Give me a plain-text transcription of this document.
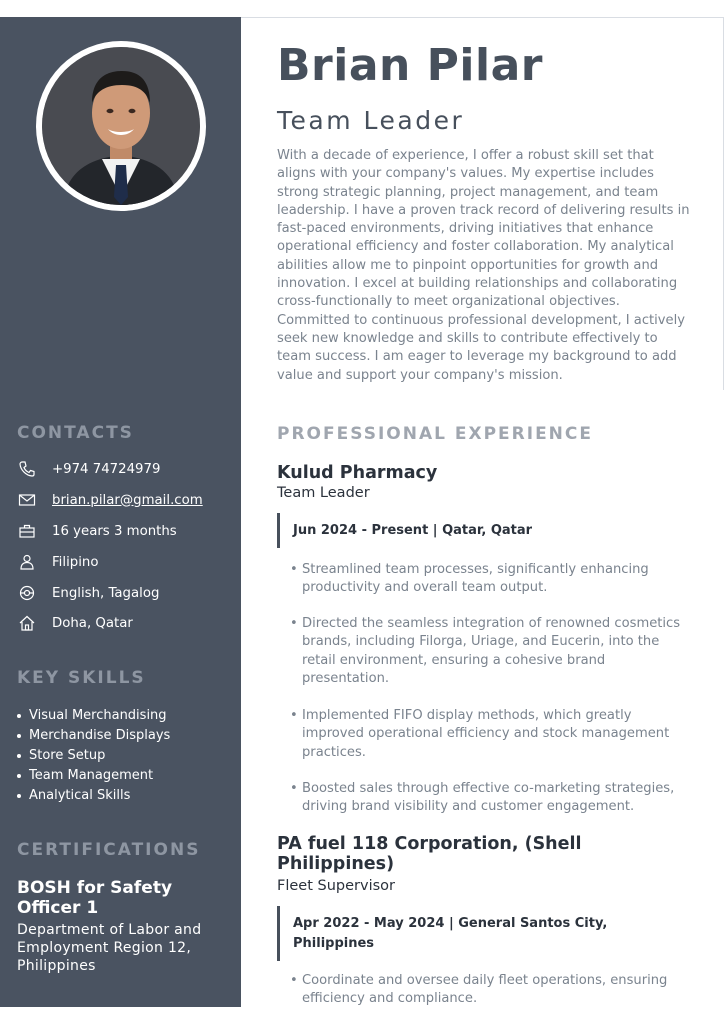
Brian Pilar
Team Leader
With a decade of experience, I offer a robust skill set that aligns with your company's values. My expertise includes strong strategic planning, project management, and team leadership. I have a proven track record of delivering results in fast-paced environments, driving initiatives that enhance operational efficiency and foster collaboration. My analytical abilities allow me to pinpoint opportunities for growth and innovation. I excel at building relationships and collaborating cross-functionally to meet organizational objectives. Committed to continuous professional development, I actively seek new knowledge and skills to contribute effectively to team success. I am eager to leverage my background to add value and support your company's mission.
CONTACTS
+974 74724979
brian.pilar@gmail.com
16 years 3 months
Filipino
English, Tagalog
Doha, Qatar
KEY SKILLS
Visual Merchandising
Merchandise Displays
Store Setup
Team Management
Analytical Skills
CERTIFICATIONS
BOSH for Safety Officer 1
Department of Labor and Employment Region 12, Philippines
PROFESSIONAL EXPERIENCE
Kulud Pharmacy
Team Leader
Jun 2024 - Present | Qatar, Qatar
• Streamlined team processes, significantly enhancing productivity and overall team output.
• Directed the seamless integration of renowned cosmetics brands, including Filorga, Uriage, and Eucerin, into the retail environment, ensuring a cohesive brand presentation.
• Implemented FIFO display methods, which greatly improved operational efficiency and stock management practices.
• Boosted sales through effective co-marketing strategies, driving brand visibility and customer engagement.
PA fuel 118 Corporation, (Shell Philippines)
Fleet Supervisor
Apr 2022 - May 2024 | General Santos City, Philippines
• Coordinate and oversee daily fleet operations, ensuring efficiency and compliance.
